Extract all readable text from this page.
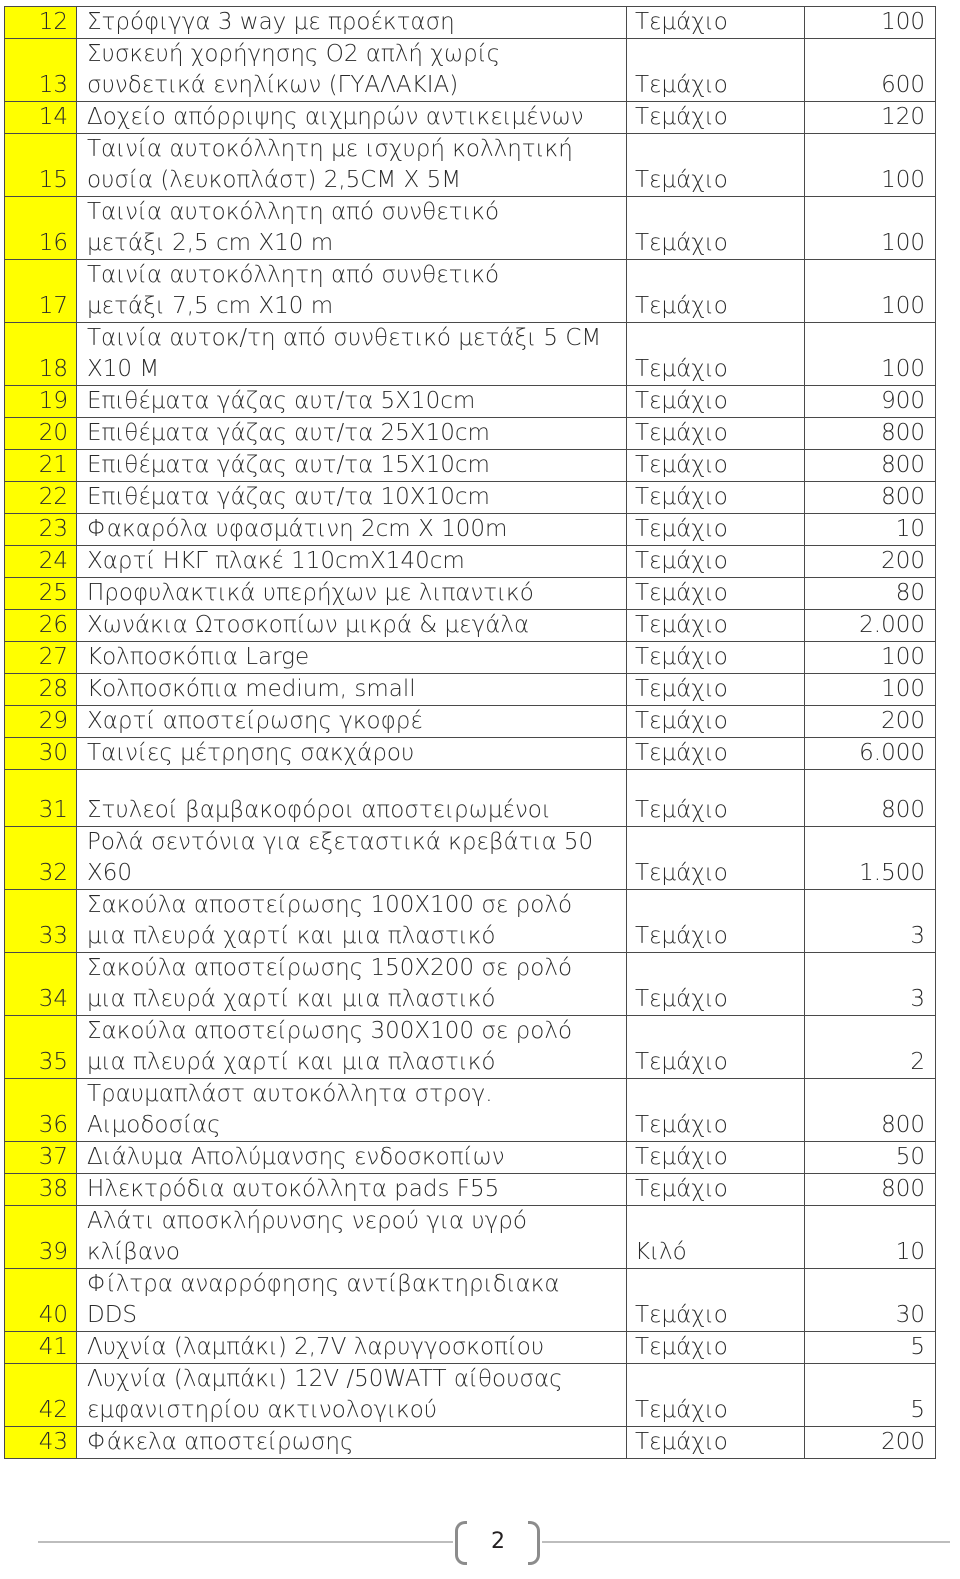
12	Στρόφιγγα 3 way με προέκταση	Τεμάχιο	100
13	Συσκευή χορήγησης Ο2 απλή χωρίς
συνδετικά ενηλίκων (ΓΥΑΛΑΚΙΑ)	Τεμάχιο	600
14	Δοχείο απόρριψης αιχμηρών αντικειμένων	Τεμάχιο	120
15	Ταινία αυτοκόλλητη με ισχυρή κολλητική
ουσία (λευκοπλάστ) 2,5CM X 5M	Τεμάχιο	100
16	Ταινία αυτοκόλλητη από συνθετικό
μετάξι 2,5 cm X10 m	Τεμάχιο	100
17	Ταινία αυτοκόλλητη από συνθετικό
μετάξι 7,5 cm X10 m	Τεμάχιο	100
18	Ταινία αυτοκ/τη από συνθετικό μετάξι 5 CM
X10 M	Τεμάχιο	100
19	Επιθέματα γάζας αυτ/τα 5X10cm	Τεμάχιο	900
20	Επιθέματα γάζας αυτ/τα 25X10cm	Τεμάχιο	800
21	Επιθέματα γάζας αυτ/τα 15X10cm	Τεμάχιο	800
22	Επιθέματα γάζας αυτ/τα 10X10cm	Τεμάχιο	800
23	Φακαρόλα υφασμάτινη 2cm X 100m	Τεμάχιο	10
24	Χαρτί ΗΚΓ πλακέ 110cmX140cm	Τεμάχιο	200
25	Προφυλακτικά υπερήχων με λιπαντικό	Τεμάχιο	80
26	Χωνάκια Ωτοσκοπίων μικρά & μεγάλα	Τεμάχιο	2.000
27	Κολποσκόπια Large	Τεμάχιο	100
28	Κολποσκόπια medium, small	Τεμάχιο	100
29	Χαρτί αποστείρωσης γκοφρέ	Τεμάχιο	200
30	Ταινίες μέτρησης σακχάρου	Τεμάχιο	6.000
31	Στυλεοί βαμβακοφόροι αποστειρωμένοι	Τεμάχιο	800
32	Ρολά σεντόνια για εξεταστικά κρεβάτια 50
X60	Τεμάχιο	1.500
33	Σακούλα αποστείρωσης 100X100 σε ρολό
μια πλευρά χαρτί και μια πλαστικό	Τεμάχιο	3
34	Σακούλα αποστείρωσης 150X200 σε ρολό
μια πλευρά χαρτί και μια πλαστικό	Τεμάχιο	3
35	Σακούλα αποστείρωσης 300X100 σε ρολό
μια πλευρά χαρτί και μια πλαστικό	Τεμάχιο	2
36	Τραυμαπλάστ αυτοκόλλητα στρογ.
Αιμοδοσίας	Τεμάχιο	800
37	Διάλυμα Απολύμανσης ενδοσκοπίων	Τεμάχιο	50
38	Ηλεκτρόδια αυτοκόλλητα pads F55	Τεμάχιο	800
39	Αλάτι αποσκλήρυνσης νερού για υγρό
κλίβανο	Κιλό	10
40	Φίλτρα αναρρόφησης αντίβακτηριδιακα
DDS	Τεμάχιο	30
41	Λυχνία (λαμπάκι) 2,7V λαρυγγοσκοπίου	Τεμάχιο	5
42	Λυχνία (λαμπάκι) 12V /50WATT αίθουσας
εμφανιστηρίου ακτινολογικού	Τεμάχιο	5
43	Φάκελα αποστείρωσης	Τεμάχιο	200
2
